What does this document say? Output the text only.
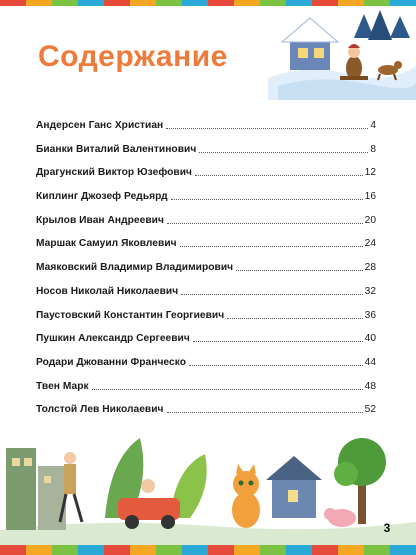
Содержание
Андерсен Ганс Христиан	4
Бианки Виталий Валентинович	8
Драгунский Виктор Юзефович	12
Киплинг Джозеф Редьярд	16
Крылов Иван Андреевич	20
Маршак Самуил Яковлевич	24
Маяковский Владимир Владимирович	28
Носов Николай Николаевич	32
Паустовский Константин Георгиевич	36
Пушкин Александр Сергеевич	40
Родари Джованни Франческо	44
Твен Марк	48
Толстой Лев Николаевич	52
3
